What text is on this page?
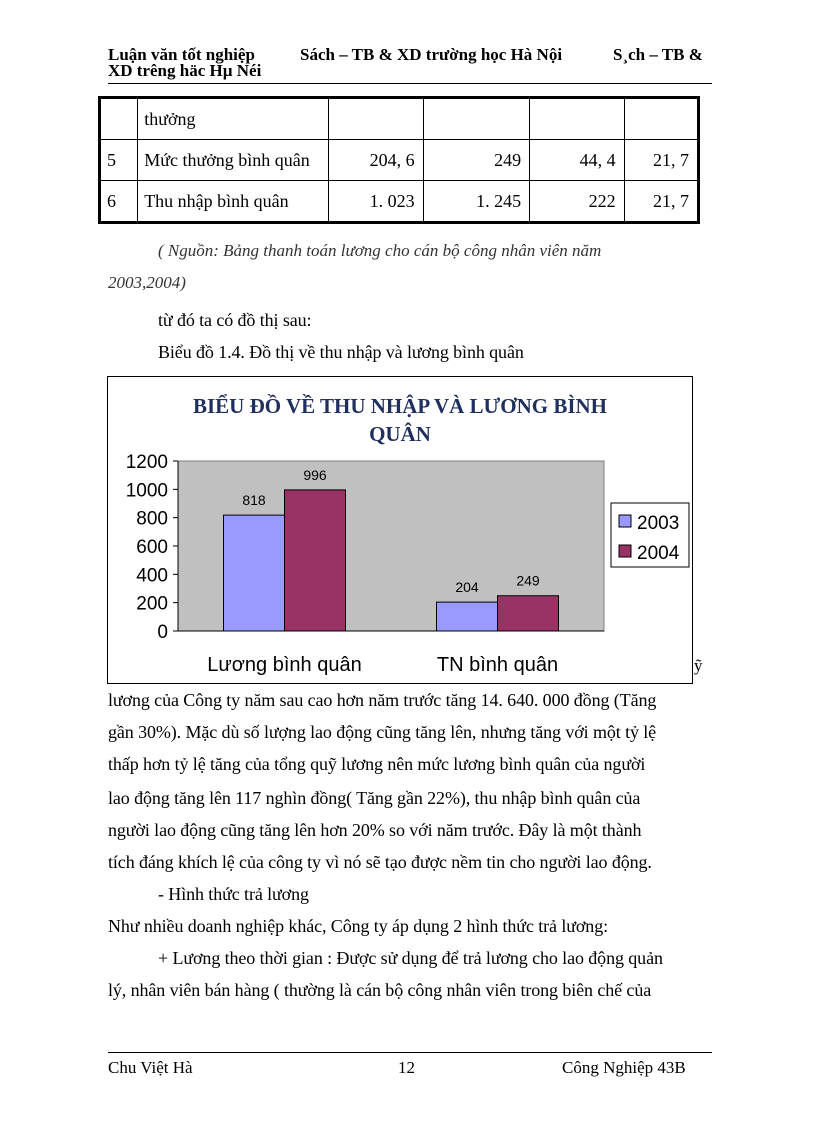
Luận văn tốt nghiệp	Sách – TB & XD trường học Hà Nội	S¸ch – TB &
XD trêng häc Hµ Néi
	thưởng				
5	Mức thưởng bình quân	204, 6	249	44, 4	21, 7
6	Thu nhập bình quân	1. 023	1. 245	222	21, 7
( Nguồn: Bảng thanh toán lương cho cán bộ công nhân viên năm
2003,2004)
từ đó ta có đồ thị sau:
Biểu đồ 1.4. Đồ thị về thu nhập và lương bình quân
BIỂU ĐỒ VỀ THU NHẬP VÀ LƯƠNG BÌNH
QUÂN
1200
1000
800
600
400
200
0
818
996
204	249
Lương bình quân	TN bình quân
2003
2004
ỹ
lương của Công ty năm sau cao hơn năm trước tăng 14. 640. 000 đồng (Tăng
gần 30%). Mặc dù số lượng lao động cũng tăng lên, nhưng tăng với một tỷ lệ
thấp hơn tỷ lệ tăng của tổng quỹ lương nên mức lương bình quân của người
lao động tăng lên 117 nghìn đồng( Tăng gần 22%), thu nhập bình quân của
người lao động cũng tăng lên hơn 20% so với năm trước. Đây là một thành
tích đáng khích lệ của công ty vì nó sẽ tạo được nềm tin cho người lao động.
- Hình thức trả lương
Như nhiều doanh nghiệp khác, Công ty áp dụng 2 hình thức trả lương:
+ Lương theo thời gian : Được sử dụng để trả lương cho lao động quản
lý, nhân viên bán hàng ( thường là cán bộ công nhân viên trong biên chế của
Chu Việt Hà	12	Công Nghiệp 43B
